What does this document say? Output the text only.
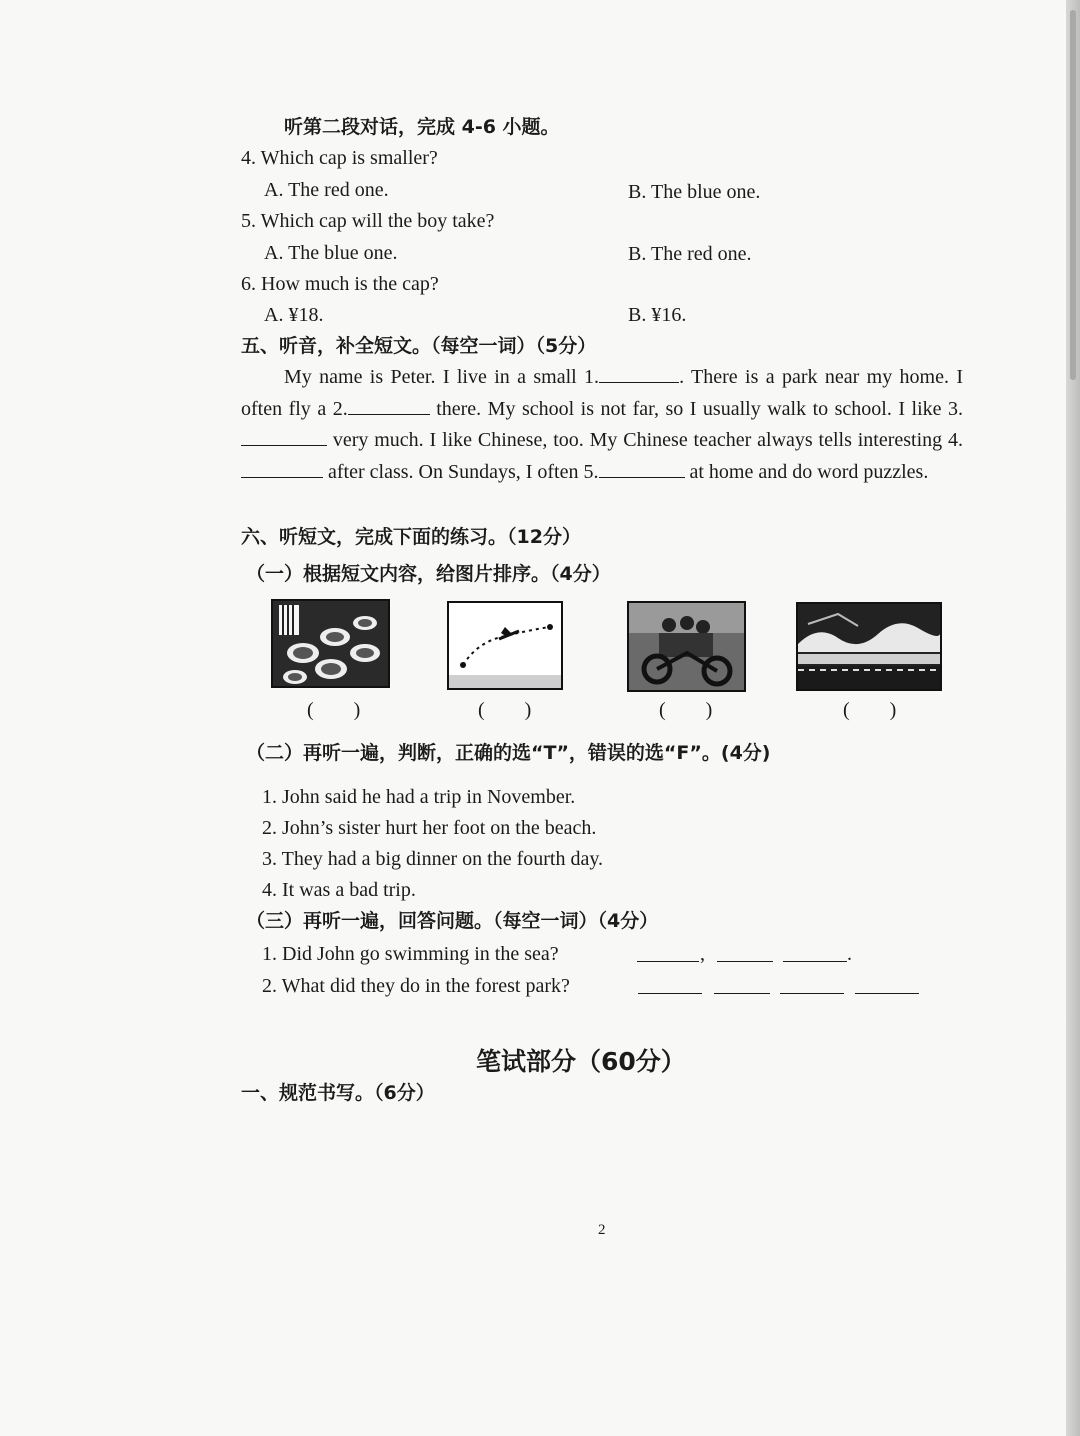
听第二段对话，完成 4-6 小题。
4. Which cap is smaller?
A. The red one.	B. The blue one.
5. Which cap will the boy take?
A. The blue one.	B. The red one.
6. How much is the cap?
A. ¥18.	B. ¥16.
五、听音，补全短文。（每空一词）（5分）
My name is Peter. I live in a small 1.	. There is a park near my home. I often fly a 2.	there. My school is not far, so I usually walk to school. I like 3. very much. I like Chinese, too. My Chinese teacher always tells interesting 4. after class. On Sundays, I often 5.	at home and do word puzzles.
六、听短文，完成下面的练习。（12分）
（一）根据短文内容，给图片排序。（4分）
(　　)	(　　)	(　　)	(　　)
（二）再听一遍，判断，正确的选“T”，错误的选“F”。(4分)
1. John said he had a trip in November.
2. John’s sister hurt her foot on the beach.
3. They had a big dinner on the fourth day.
4. It was a bad trip.
（三）再听一遍，回答问题。（每空一词）（4分）
1. Did John go swimming in the sea?	,	.
2. What did they do in the forest park?
笔试部分（60分）
一、规范书写。（6分）
2
